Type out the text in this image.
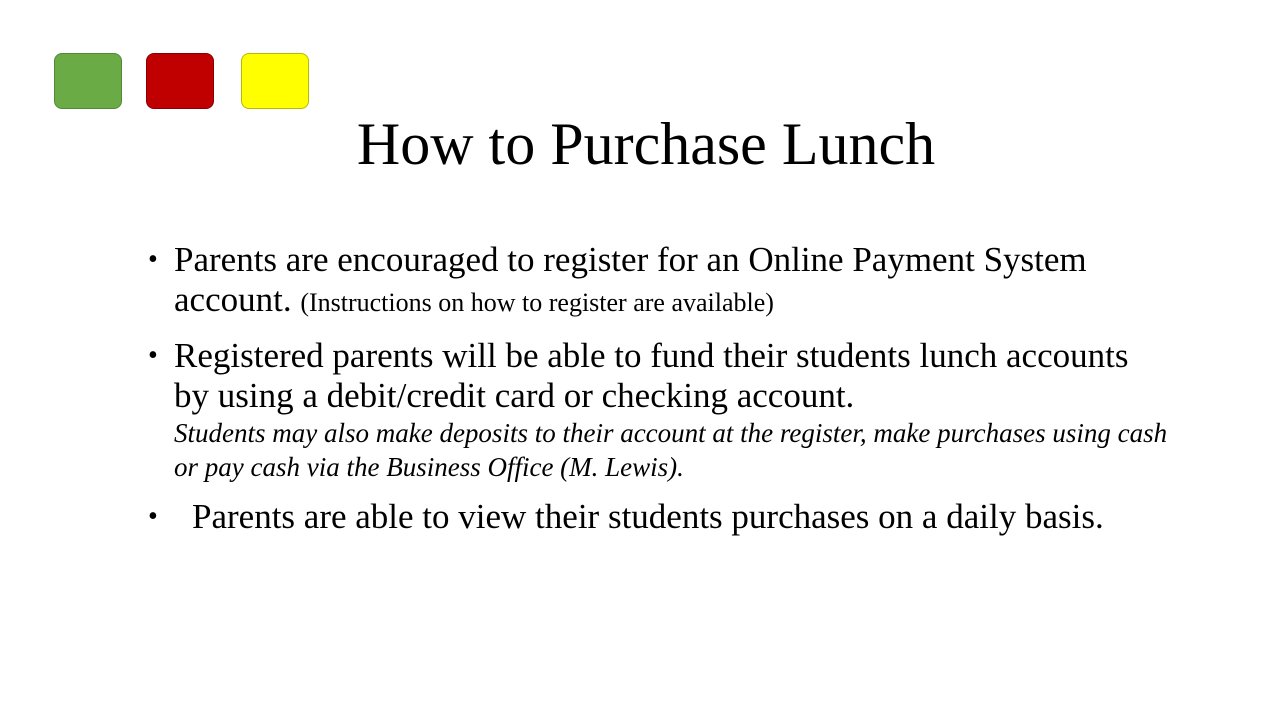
How to Purchase Lunch
• Parents are encouraged to register for an Online Payment System account. (Instructions on how to register are available)
• Registered parents will be able to fund their students lunch accounts by using a debit/credit card or checking account.
Students may also make deposits to their account at the register, make purchases using cash or pay cash via the Business Office (M. Lewis).
• Parents are able to view their students purchases on a daily basis.
